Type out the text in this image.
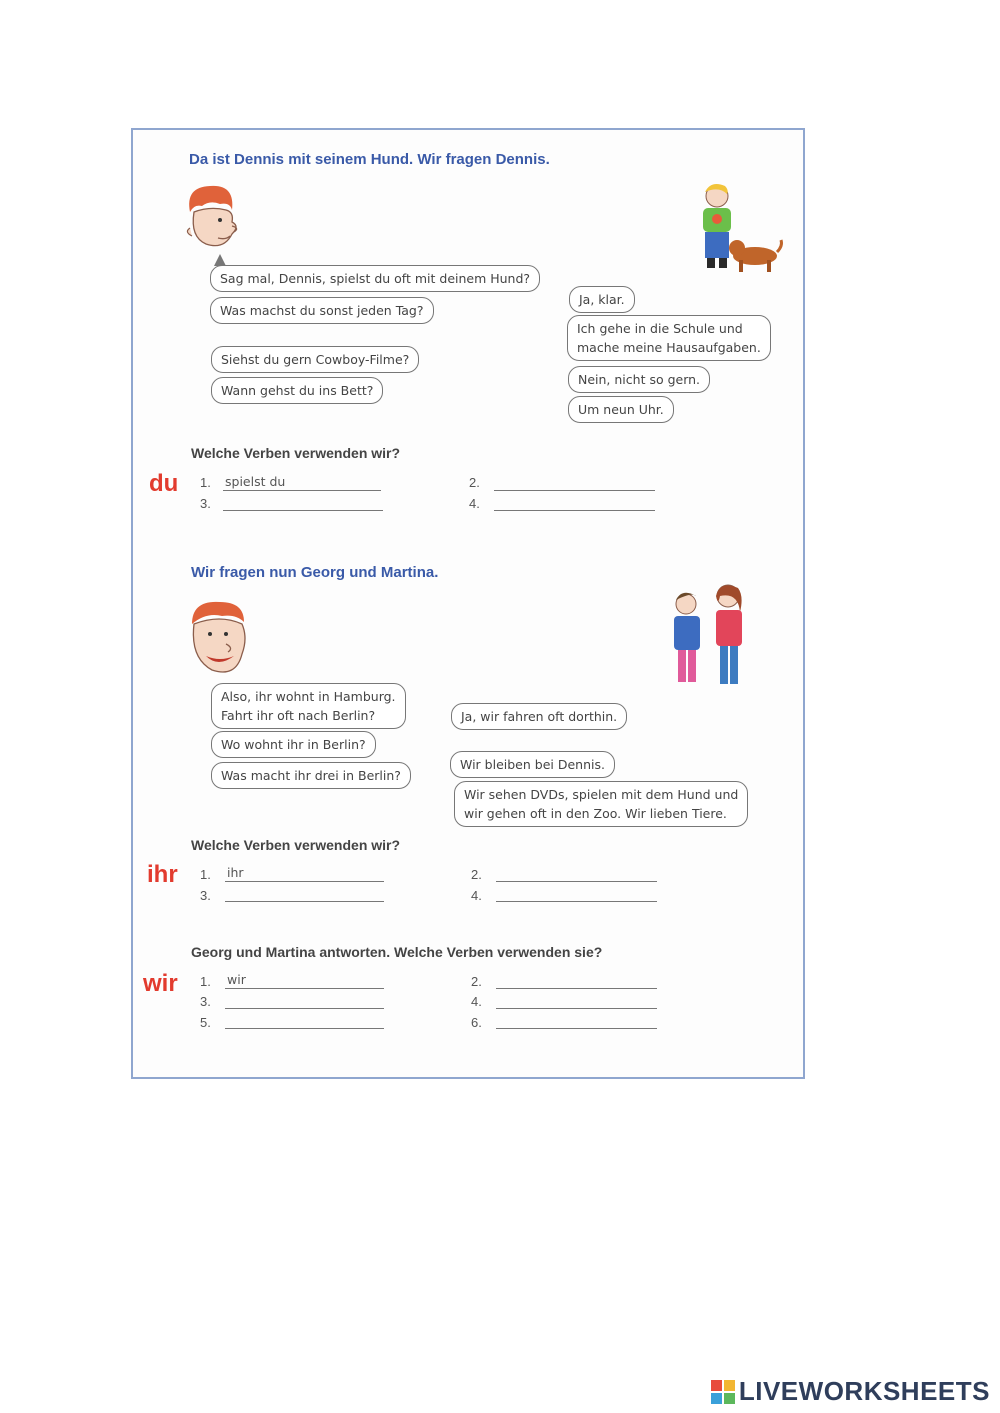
Da ist Dennis mit seinem Hund. Wir fragen Dennis.
Sag mal, Dennis, spielst du oft mit deinem Hund?
Was machst du sonst jeden Tag?
Siehst du gern Cowboy-Filme?
Wann gehst du ins Bett?
Ja, klar.
Ich gehe in die Schule und
mache meine Hausaufgaben.
Nein, nicht so gern.
Um neun Uhr.
Welche Verben verwenden wir?
du 1. spielst du	2.
3.	4.
Wir fragen nun Georg und Martina.
Also, ihr wohnt in Hamburg.
Fahrt ihr oft nach Berlin?
Wo wohnt ihr in Berlin?
Was macht ihr drei in Berlin?
Ja, wir fahren oft dorthin.
Wir bleiben bei Dennis.
Wir sehen DVDs, spielen mit dem Hund und
wir gehen oft in den Zoo. Wir lieben Tiere.
Welche Verben verwenden wir?
ihr 1. ihr	2.
3.	4.
Georg und Martina antworten. Welche Verben verwenden sie?
wir 1. wir	2.
3.	4.
5.	6.
LIVEWORKSHEETS
